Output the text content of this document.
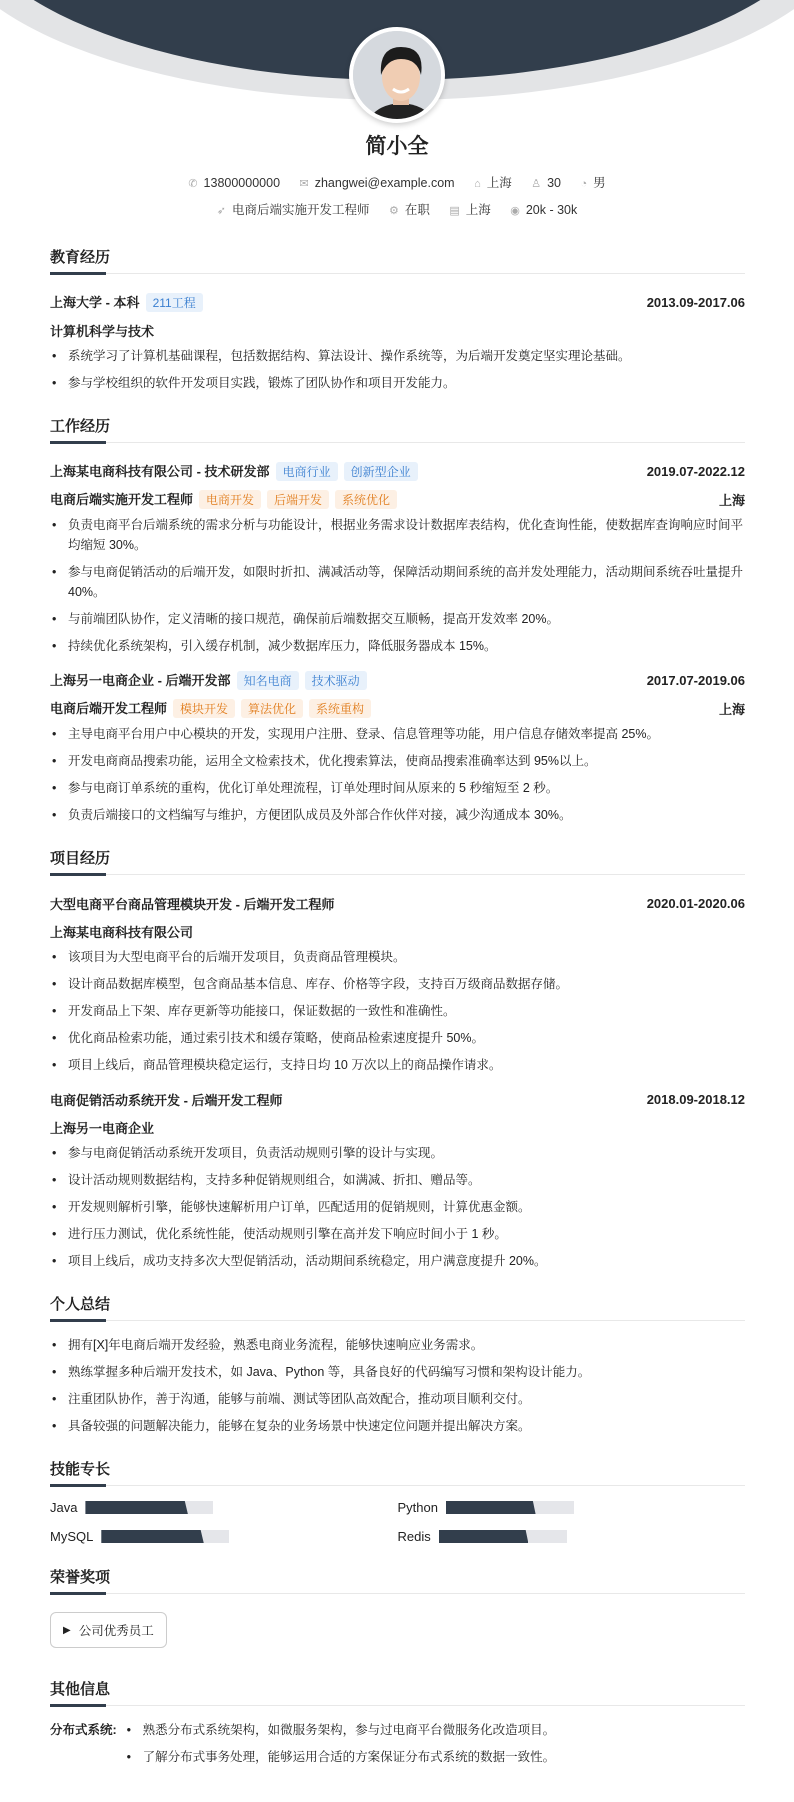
简小全
✆ 13800000000 ✉ zhangwei@example.com ⌂ 上海 ♙ 30 ◔ 男
➶ 电商后端实施开发工程师 ⚙ 在职 ▤ 上海 ◉ 20k - 30k
教育经历
上海大学 - 本科 211工程	2013.09-2017.06
计算机科学与技术
• 系统学习了计算机基础课程，包括数据结构、算法设计、操作系统等，为后端开发奠定坚实理论基础。
• 参与学校组织的软件开发项目实践，锻炼了团队协作和项目开发能力。
工作经历
上海某电商科技有限公司 - 技术研发部 电商行业 创新型企业	2019.07-2022.12
电商后端实施开发工程师 电商开发 后端开发 系统优化	上海
• 负责电商平台后端系统的需求分析与功能设计，根据业务需求设计数据库表结构，优化查询性能，使数据库查询响应时间平均缩短 30%。
• 参与电商促销活动的后端开发，如限时折扣、满减活动等，保障活动期间系统的高并发处理能力，活动期间系统吞吐量提升 40%。
• 与前端团队协作，定义清晰的接口规范，确保前后端数据交互顺畅，提高开发效率 20%。
• 持续优化系统架构，引入缓存机制，减少数据库压力，降低服务器成本 15%。
上海另一电商企业 - 后端开发部 知名电商 技术驱动	2017.07-2019.06
电商后端开发工程师 模块开发 算法优化 系统重构	上海
• 主导电商平台用户中心模块的开发，实现用户注册、登录、信息管理等功能，用户信息存储效率提高 25%。
• 开发电商商品搜索功能，运用全文检索技术，优化搜索算法，使商品搜索准确率达到 95%以上。
• 参与电商订单系统的重构，优化订单处理流程，订单处理时间从原来的 5 秒缩短至 2 秒。
• 负责后端接口的文档编写与维护，方便团队成员及外部合作伙伴对接，减少沟通成本 30%。
项目经历
大型电商平台商品管理模块开发 - 后端开发工程师	2020.01-2020.06
上海某电商科技有限公司
• 该项目为大型电商平台的后端开发项目，负责商品管理模块。
• 设计商品数据库模型，包含商品基本信息、库存、价格等字段，支持百万级商品数据存储。
• 开发商品上下架、库存更新等功能接口，保证数据的一致性和准确性。
• 优化商品检索功能，通过索引技术和缓存策略，使商品检索速度提升 50%。
• 项目上线后，商品管理模块稳定运行，支持日均 10 万次以上的商品操作请求。
电商促销活动系统开发 - 后端开发工程师	2018.09-2018.12
上海另一电商企业
• 参与电商促销活动系统开发项目，负责活动规则引擎的设计与实现。
• 设计活动规则数据结构，支持多种促销规则组合，如满减、折扣、赠品等。
• 开发规则解析引擎，能够快速解析用户订单，匹配适用的促销规则，计算优惠金额。
• 进行压力测试，优化系统性能，使活动规则引擎在高并发下响应时间小于 1 秒。
• 项目上线后，成功支持多次大型促销活动，活动期间系统稳定，用户满意度提升 20%。
个人总结
• 拥有[X]年电商后端开发经验，熟悉电商业务流程，能够快速响应业务需求。
• 熟练掌握多种后端开发技术，如 Java、Python 等，具备良好的代码编写习惯和架构设计能力。
• 注重团队协作，善于沟通，能够与前端、测试等团队高效配合，推动项目顺利交付。
• 具备较强的问题解决能力，能够在复杂的业务场景中快速定位问题并提出解决方案。
技能专长
Java	Python
MySQL	Redis
荣誉奖项
▶ 公司优秀员工
其他信息
分布式系统:	• 熟悉分布式系统架构，如微服务架构，参与过电商平台微服务化改造项目。
• 了解分布式事务处理，能够运用合适的方案保证分布式系统的数据一致性。
